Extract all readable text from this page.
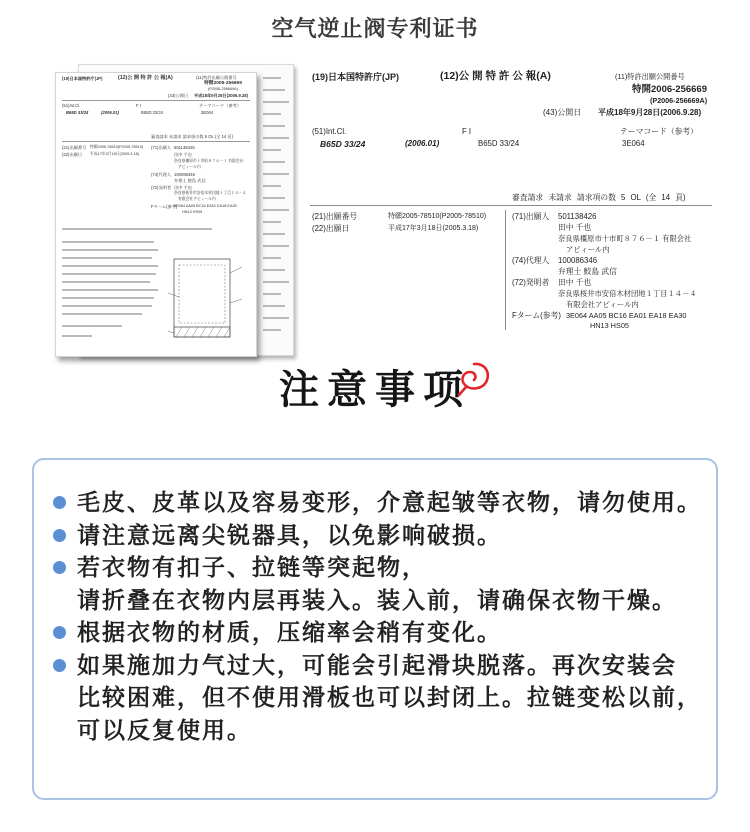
空气逆止阀专利证书
(19)日本国特許庁(JP)	(12)公 開 特 許 公 報(A)	(11)特許出願公開番号
特開2006-256669
(P2006-256669A)
(43)公開日 平成18年9月28日(2006.9.28)
(51)Int.Cl.	F I	テーマコード（参考）
B65D 33/24	(2006.01)	B65D 33/24	3E064
審査請求 未請求 請求項の数 5 OL (全 14 頁)
(21)出願番号 特願2005-78510(P2005-78510)
(22)出願日 平成17年3月18日(2005.3.18)
(71)出願人 501138426
田中 千也
奈良県橿原市十市町８７６－１ 有限会社
アピィール内
(74)代理人 100086346
弁理士 鮫島 武信
(72)発明者 田中 千也
奈良県桜井市安倍木材団地１丁目１４－４
有限会社アピィール内
Fターム(参考)
3E064 AA05 BC16 EA01 EA18 EA30
HN13 HS05
(19)日本国特許庁(JP)	(12)公 開 特 許 公 報(A)	(11)特許出願公開番号
特開2006-256669
(P2006-256669A)
(43)公開日 平成18年9月28日(2006.9.28)
(51)Int.Cl.	F I	テーマコード（参考）
B65D 33/24	(2006.01)	B65D 33/24	3E064
審査請求 未請求 請求項の数 5 OL (全 14 頁)
(21)出願番号	特願2005-78510(P2005-78510)
(22)出願日	平成17年3月18日(2005.3.18)
(71)出願人 501138426
田中 千也
奈良県橿原市十市町８７６－１ 有限会社
アピィール内
(74)代理人 100086346
弁理士 鮫島 武信
(72)発明者 田中 千也
奈良県桜井市安倍木材団地１丁目１４－４
有限会社アピィール内
Fターム(参考) 3E064 AA05 BC16 EA01 EA18 EA30
HN13 HS05
注意事项
毛皮、皮革以及容易变形，介意起皱等衣物，请勿使用。
请注意远离尖锐器具，以免影响破损。
若衣物有扣子、拉链等突起物，
请折叠在衣物内层再装入。装入前，请确保衣物干燥。
根据衣物的材质，压缩率会稍有变化。
如果施加力气过大，可能会引起滑块脱落。再次安装会
比较困难，但不使用滑板也可以封闭上。拉链变松以前，
可以反复使用。
